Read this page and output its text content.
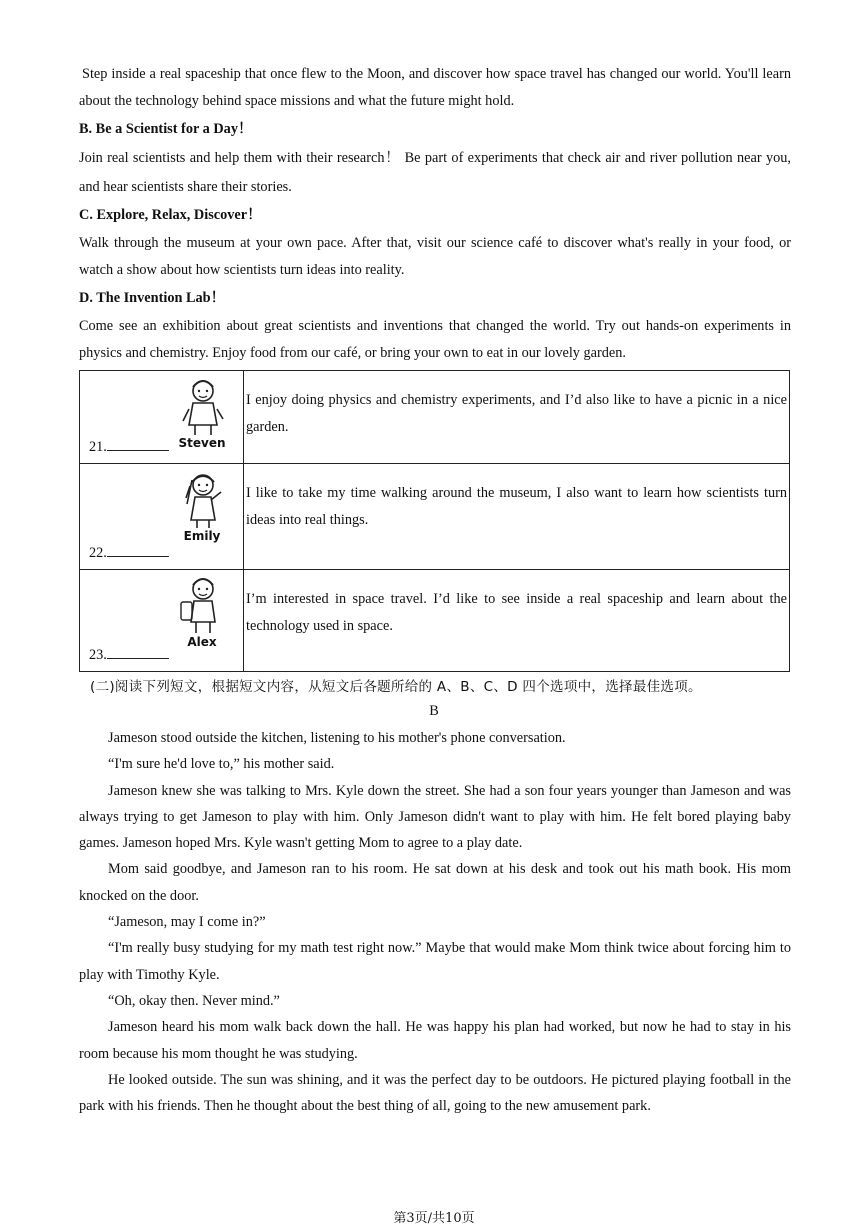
Step inside a real spaceship that once flew to the Moon, and discover how space travel has changed our world. You'll learn about the technology behind space missions and what the future might hold.

B. Be a Scientist for a Day！

Join real scientists and help them with their research！ Be part of experiments that check air and river pollution near you, and hear scientists share their stories.

C. Explore, Relax, Discover！

Walk through the museum at your own pace. After that, visit our science café to discover what's really in your food, or watch a show about how scientists turn ideas into reality.

D. The Invention Lab！

Come see an exhibition about great scientists and inventions that changed the world. Try out hands-on experiments in physics and chemistry. Enjoy food from our café, or bring your own to eat in our lovely garden.

Steven
21.	I enjoy doing physics and chemistry experiments, and I’d also like to have a picnic in a nice garden.

Emily
22.	I like to take my time walking around the museum, I also want to learn how scientists turn ideas into real things.

Alex
23.	I’m interested in space travel. I’d like to see inside a real spaceship and learn about the technology used in space.
(二)阅读下列短文，根据短文内容，从短文后各题所给的 A、B、C、D 四个选项中，选择最佳选项。
B

Jameson stood outside the kitchen, listening to his mother's phone conversation.

“I'm sure he'd love to,” his mother said.

Jameson knew she was talking to Mrs. Kyle down the street. She had a son four years younger than Jameson and was always trying to get Jameson to play with him. Only Jameson didn't want to play with him. He felt bored playing baby games. Jameson hoped Mrs. Kyle wasn't getting Mom to agree to a play date.

Mom said goodbye, and Jameson ran to his room. He sat down at his desk and took out his math book. His mom knocked on the door.

“Jameson, may I come in?”

“I'm really busy studying for my math test right now.” Maybe that would make Mom think twice about forcing him to play with Timothy Kyle.

“Oh, okay then. Never mind.”

Jameson heard his mom walk back down the hall. He was happy his plan had worked, but now he had to stay in his room because his mom thought he was studying.

He looked outside. The sun was shining, and it was the perfect day to be outdoors. He pictured playing football in the park with his friends. Then he thought about the best thing of all, going to the new amusement park.

第3页/共10页
